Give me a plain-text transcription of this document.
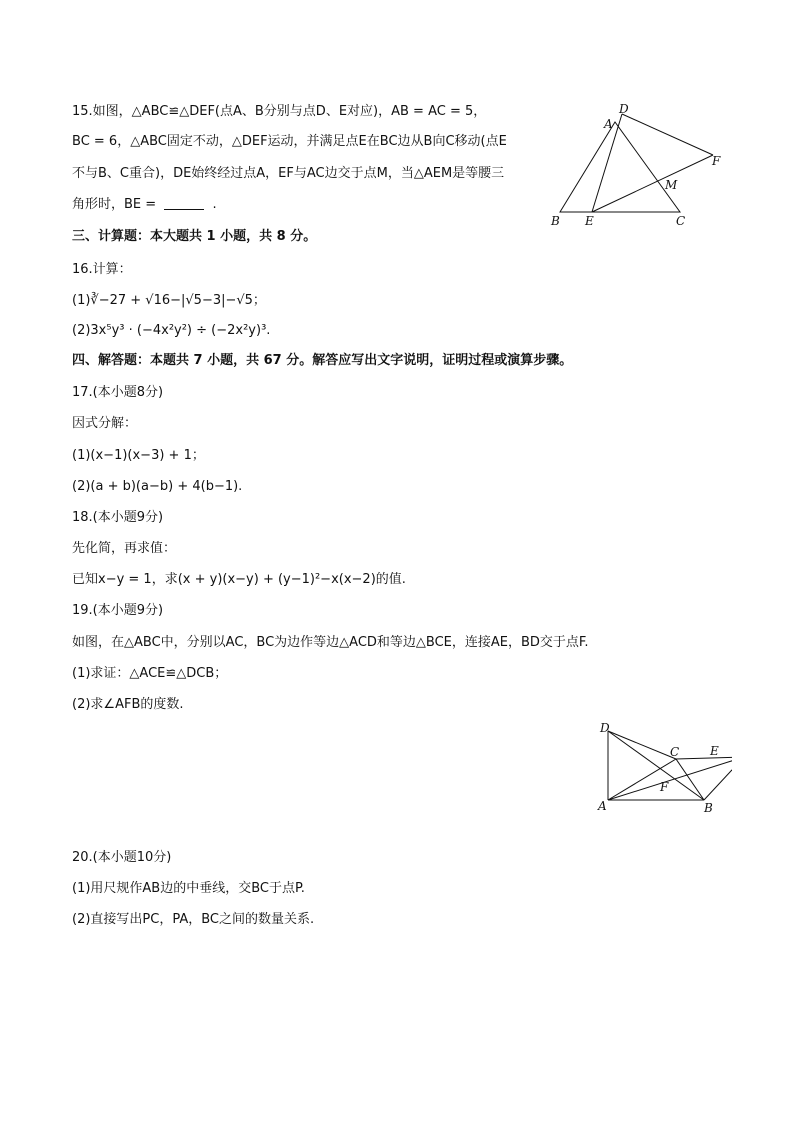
15.如图，△ABC≌△DEF(点A、B分别与点D、E对应)，AB = AC = 5，
BC = 6，△ABC固定不动，△DEF运动，并满足点E在BC边从B向C移动(点E
不与B、C重合)，DE始终经过点A，EF与AC边交于点M，当△AEM是等腰三
角形时，BE =	.
D
A
F
M
B E	C
三、计算题：本大题共 1 小题，共 8 分。
16.计算：
(1)∛−27 + √16−|√5−3|−√5；
(2)3x⁵y³ · (−4x²y²) ÷ (−2x²y)³.
四、解答题：本题共 7 小题，共 67 分。解答应写出文字说明，证明过程或演算步骤。
17.(本小题8分)
因式分解：
(1)(x−1)(x−3) + 1；
(2)(a + b)(a−b) + 4(b−1).
18.(本小题9分)
先化简，再求值：
已知x−y = 1，求(x + y)(x−y) + (y−1)²−x(x−2)的值.
19.(本小题9分)
如图，在△ABC中，分别以AC，BC为边作等边△ACD和等边△BCE，连接AE，BD交于点F.
(1)求证：△ACE≌△DCB；
(2)求∠AFB的度数.
D
C	E
F
A	B
20.(本小题10分)
(1)用尺规作AB边的中垂线，交BC于点P.
(2)直接写出PC，PA，BC之间的数量关系.
